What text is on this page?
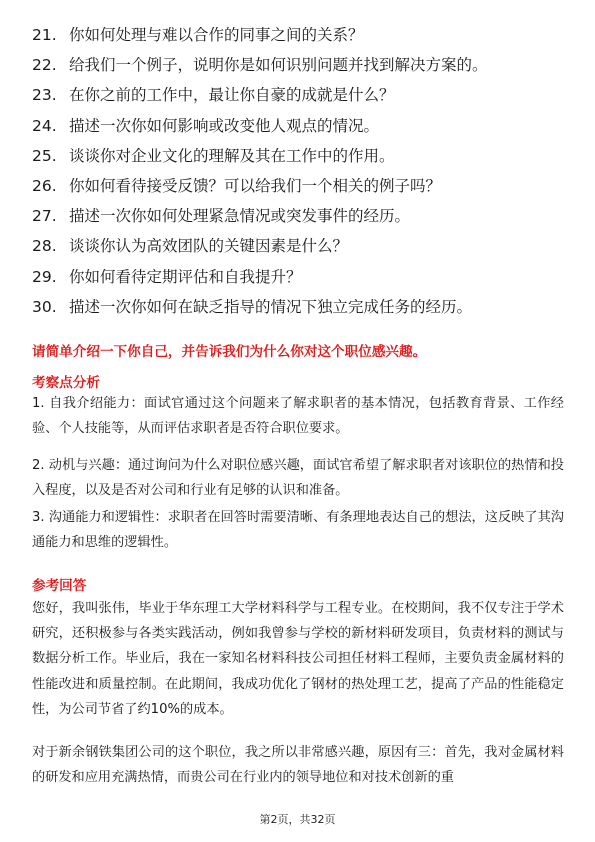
21. 你如何处理与难以合作的同事之间的关系？
22. 给我们一个例子，说明你是如何识别问题并找到解决方案的。
23. 在你之前的工作中，最让你自豪的成就是什么？
24. 描述一次你如何影响或改变他人观点的情况。
25. 谈谈你对企业文化的理解及其在工作中的作用。
26. 你如何看待接受反馈？可以给我们一个相关的例子吗？
27. 描述一次你如何处理紧急情况或突发事件的经历。
28. 谈谈你认为高效团队的关键因素是什么？
29. 你如何看待定期评估和自我提升？
30. 描述一次你如何在缺乏指导的情况下独立完成任务的经历。
请简单介绍一下你自己，并告诉我们为什么你对这个职位感兴趣。
考察点分析
1. 自我介绍能力：面试官通过这个问题来了解求职者的基本情况，包括教育背景、工作经验、个人技能等，从而评估求职者是否符合职位要求。
2. 动机与兴趣：通过询问为什么对职位感兴趣，面试官希望了解求职者对该职位的热情和投入程度，以及是否对公司和行业有足够的认识和准备。
3. 沟通能力和逻辑性：求职者在回答时需要清晰、有条理地表达自己的想法，这反映了其沟通能力和思维的逻辑性。
参考回答
您好，我叫张伟，毕业于华东理工大学材料科学与工程专业。在校期间，我不仅专注于学术研究，还积极参与各类实践活动，例如我曾参与学校的新材料研发项目，负责材料的测试与数据分析工作。毕业后，我在一家知名材料科技公司担任材料工程师，主要负责金属材料的性能改进和质量控制。在此期间，我成功优化了钢材的热处理工艺，提高了产品的性能稳定性，为公司节省了约10%的成本。
对于新余钢铁集团公司的这个职位，我之所以非常感兴趣，原因有三：首先，我对金属材料的研发和应用充满热情，而贵公司在行业内的领导地位和对技术创新的重
第2页，共32页
